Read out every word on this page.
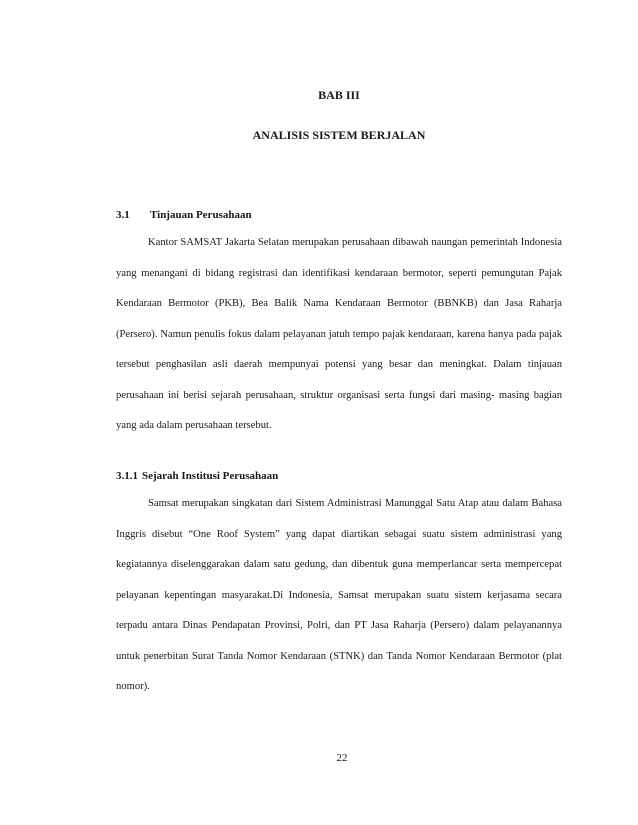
BAB III
ANALISIS SISTEM BERJALAN
3.1 Tinjauan Perusahaan

Kantor SAMSAT Jakarta Selatan merupakan perusahaan dibawah naungan pemerintah Indonesia yang menangani di bidang registrasi dan identifikasi kendaraan bermotor, seperti pemungutan Pajak Kendaraan Bermotor (PKB), Bea Balik Nama Kendaraan Bermotor (BBNKB) dan Jasa Raharja (Persero). Namun penulis fokus dalam pelayanan jatuh tempo pajak kendaraan, karena hanya pada pajak tersebut penghasilan asli daerah mempunyai potensi yang besar dan meningkat. Dalam tinjauan perusahaan ini berisi sejarah perusahaan, struktur organisasi serta fungsi dari masing- masing bagian yang ada dalam perusahaan tersebut.

3.1.1 Sejarah Institusi Perusahaan

Samsat merupakan singkatan dari Sistem Administrasi Manunggal Satu Atap atau dalam Bahasa Inggris disebut “One Roof System” yang dapat diartikan sebagai suatu sistem administrasi yang kegiatannya diselenggarakan dalam satu gedung, dan dibentuk guna memperlancar serta mempercepat pelayanan kepentingan masyarakat.Di Indonesia, Samsat merupakan suatu sistem kerjasama secara terpadu antara Dinas Pendapatan Provinsi, Polri, dan PT Jasa Raharja (Persero) dalam pelayanannya untuk penerbitan Surat Tanda Nomor Kendaraan (STNK) dan Tanda Nomor Kendaraan Bermotor (plat nomor).

22
